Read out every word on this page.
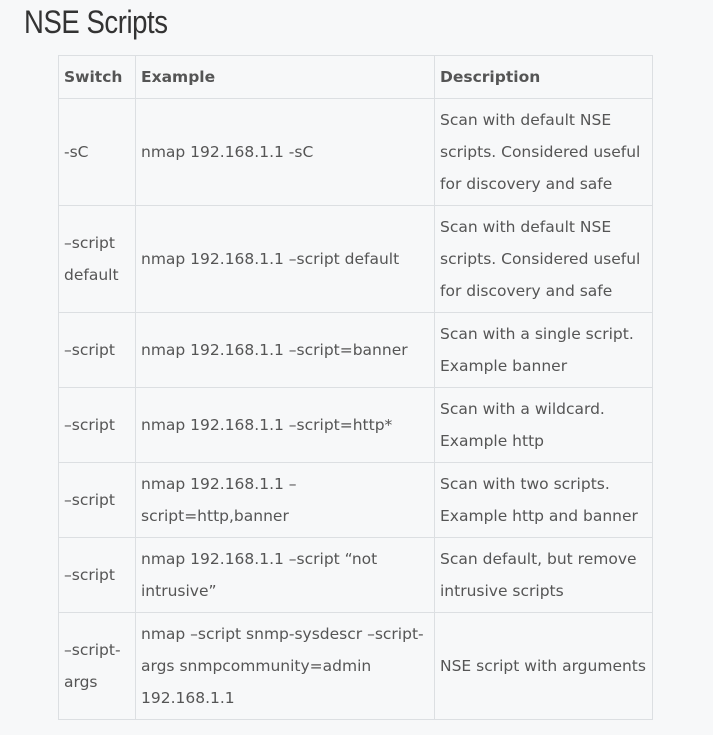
NSE Scripts
Switch	Example	Description
-sC	nmap 192.168.1.1 -sC	Scan with default NSE scripts. Considered useful for discovery and safe
–script default	nmap 192.168.1.1 –script default	Scan with default NSE scripts. Considered useful for discovery and safe
–script	nmap 192.168.1.1 –script=banner	Scan with a single script. Example banner
–script	nmap 192.168.1.1 –script=http*	Scan with a wildcard. Example http
–script	nmap 192.168.1.1 –script=http,banner	Scan with two scripts. Example http and banner
–script	nmap 192.168.1.1 –script “not intrusive”	Scan default, but remove intrusive scripts
–script-args	nmap –script snmp-sysdescr –script-args snmpcommunity=admin 192.168.1.1	NSE script with arguments
